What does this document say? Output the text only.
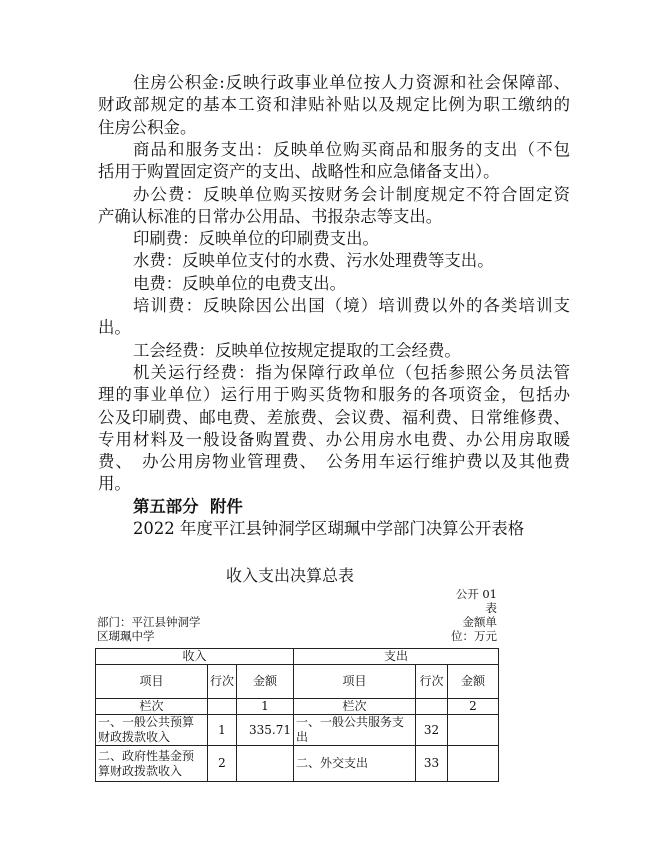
住房公积金:反映行政事业单位按人力资源和社会保障部、
财政部规定的基本工资和津贴补贴以及规定比例为职工缴纳的
住房公积金。
商品和服务支出：反映单位购买商品和服务的支出（不包
括用于购置固定资产的支出、战略性和应急储备支出）。
办公费：反映单位购买按财务会计制度规定不符合固定资
产确认标准的日常办公用品、书报杂志等支出。
印刷费：反映单位的印刷费支出。
水费：反映单位支付的水费、污水处理费等支出。
电费：反映单位的电费支出。
培训费：反映除因公出国（境）培训费以外的各类培训支
出。
工会经费：反映单位按规定提取的工会经费。
机关运行经费：指为保障行政单位（包括参照公务员法管
理的事业单位）运行用于购买货物和服务的各项资金，包括办
公及印刷费、邮电费、差旅费、会议费、福利费、日常维修费、
专用材料及一般设备购置费、办公用房水电费、办公用房取暖
费、　办公用房物业管理费、　公务用车运行维护费以及其他费
用。
第五部分  附件
2022 年度平江县钟洞学区瑚珮中学部门决算公开表格
收入支出决算总表
公开 01
表
金额单
位：万元
部门：平江县钟洞学
区瑚珮中学
收入			支出		
项目	行次	金额	项目	行次	金额
栏次		1	栏次		2
一、一般公共预算财政拨款收入	1	335.71	一、一般公共服务支出	32	
二、政府性基金预算财政拨款收入	2		二、外交支出	33	
